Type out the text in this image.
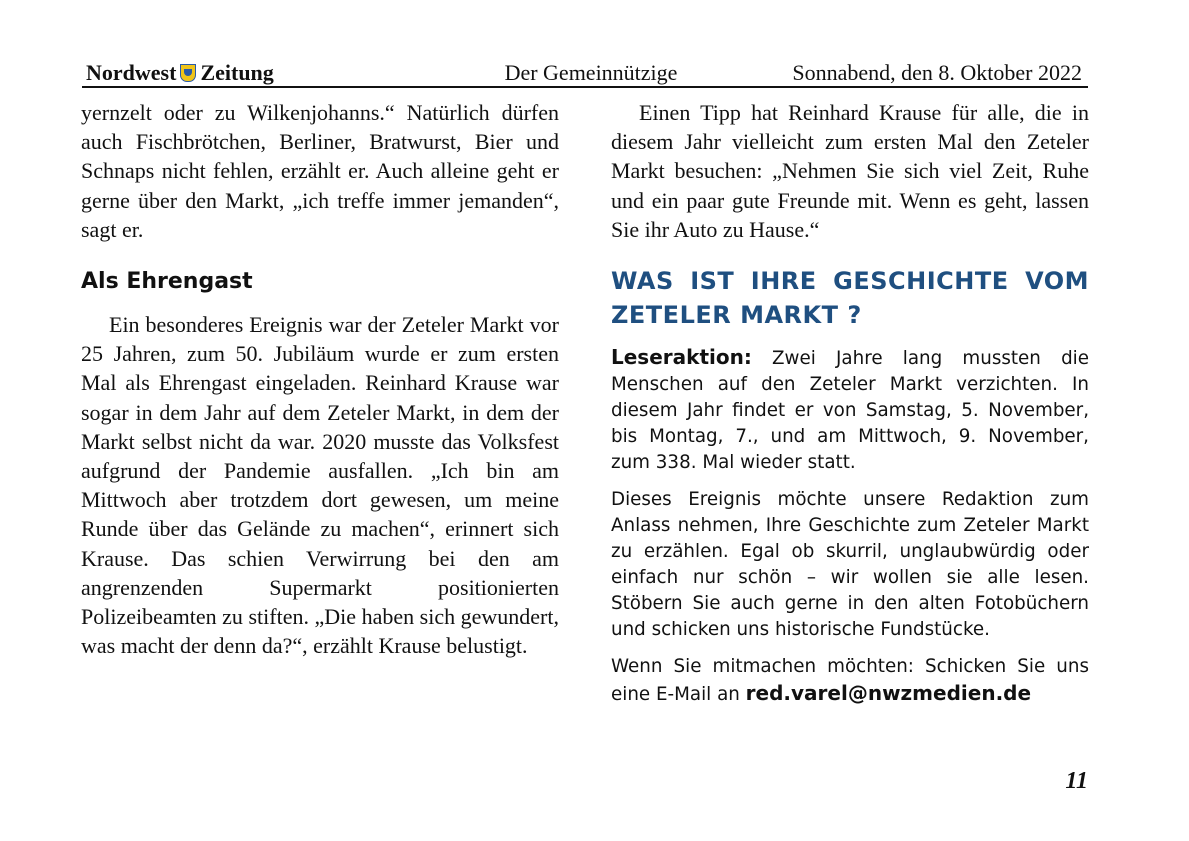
Nordwest Zeitung	Der Gemeinnützige	Sonnabend, den 8. Oktober 2022

yernzelt oder zu Wilkenjohanns.“ Natürlich dürfen auch Fischbrötchen, Berliner, Bratwurst, Bier und Schnaps nicht fehlen, erzählt er. Auch alleine geht er gerne über den Markt, „ich treffe immer jemanden“, sagt er.

Als Ehrengast

Ein besonderes Ereignis war der Zeteler Markt vor 25 Jahren, zum 50. Jubiläum wurde er zum ersten Mal als Ehrengast eingeladen. Reinhard Krause war sogar in dem Jahr auf dem Zeteler Markt, in dem der Markt selbst nicht da war. 2020 musste das Volksfest aufgrund der Pandemie ausfallen. „Ich bin am Mittwoch aber trotzdem dort gewesen, um meine Runde über das Gelände zu machen“, erinnert sich Krause. Das schien Verwirrung bei den am angrenzenden Supermarkt positionierten Polizeibeamten zu stiften. „Die haben sich gewundert, was macht der denn da?“, erzählt Krause belustigt.

Einen Tipp hat Reinhard Krause für alle, die in diesem Jahr vielleicht zum ersten Mal den Zeteler Markt besuchen: „Nehmen Sie sich viel Zeit, Ruhe und ein paar gute Freunde mit. Wenn es geht, lassen Sie ihr Auto zu Hause.“

WAS IST IHRE GESCHICHTE VOM ZETELER MARKT ?

Leseraktion: Zwei Jahre lang mussten die Menschen auf den Zeteler Markt verzichten. In diesem Jahr findet er von Samstag, 5. November, bis Montag, 7., und am Mittwoch, 9. November, zum 338. Mal wieder statt.

Dieses Ereignis möchte unsere Redaktion zum Anlass nehmen, Ihre Geschichte zum Zeteler Markt zu erzählen. Egal ob skurril, unglaubwürdig oder einfach nur schön – wir wollen sie alle lesen. Stöbern Sie auch gerne in den alten Fotobüchern und schicken uns historische Fundstücke.

Wenn Sie mitmachen möchten: Schicken Sie uns eine E-Mail an red.varel@nwzmedien.de

11
